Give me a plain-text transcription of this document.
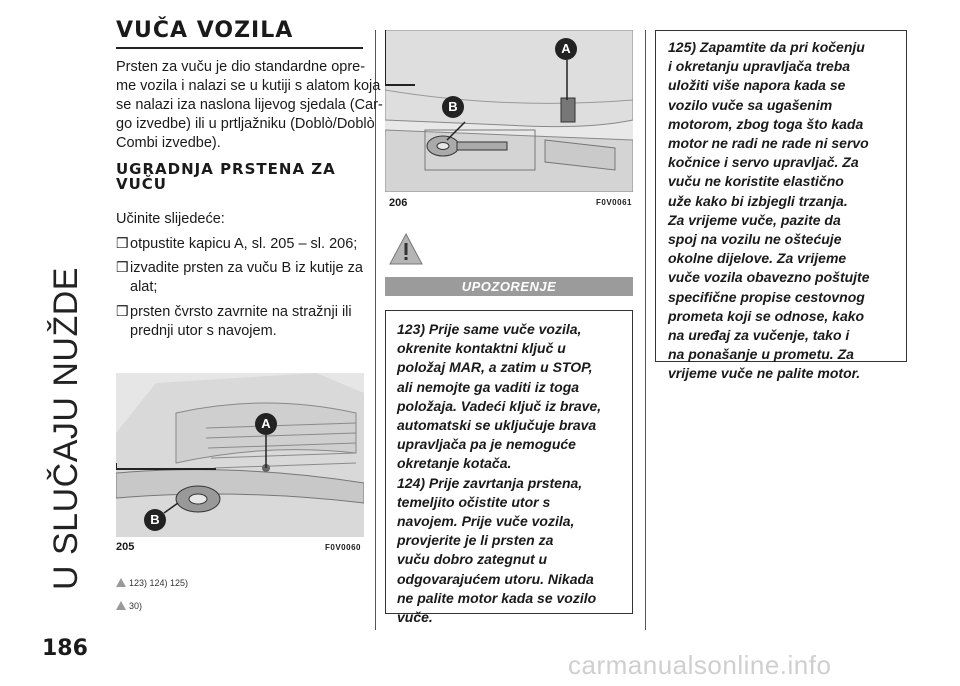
U SLUČAJU NUŽDE
VUČA VOZILA
Prsten za vuču je dio standardne opre-
me vozila i nalazi se u kutiji s alatom koja
se nalazi iza naslona lijevog sjedala (Car-
go izvedbe) ili u prtljažniku (Doblò/Doblò
Combi izvedbe).
UGRADNJA PRSTENA ZA
VUČU
Učinite slijedeće:
❒otpustite kapicu A, sl. 205 – sl. 206;
❒izvadite prsten za vuču B iz kutije za
alat;
❒prsten čvrsto zavrnite na stražnji ili
prednji utor s navojem.
A
B
205	F0V0060
123) 124) 125)
30)
A
B
206	F0V0061
UPOZORENJE
123) Prije same vuče vozila,
okrenite kontaktni ključ u
položaj MAR, a zatim u STOP,
ali nemojte ga vaditi iz toga
položaja. Vadeći ključ iz brave,
automatski se uključuje brava
upravljača pa je nemoguće
okretanje kotača.
124) Prije zavrtanja prstena,
temeljito očistite utor s
navojem. Prije vuče vozila,
provjerite je li prsten za
vuču dobro zategnut u
odgovarajućem utoru. Nikada
ne palite motor kada se vozilo
vuče.
125) Zapamtite da pri kočenju
i okretanju upravljača treba
uložiti više napora kada se
vozilo vuče sa ugašenim
motorom, zbog toga što kada
motor ne radi ne rade ni servo
kočnice i servo upravljač. Za
vuču ne koristite elastično
uže kako bi izbjegli trzanja.
Za vrijeme vuče, pazite da
spoj na vozilu ne oštećuje
okolne dijelove. Za vrijeme
vuče vozila obavezno poštujte
specifične propise cestovnog
prometa koji se odnose, kako
na uređaj za vučenje, tako i
na ponašanje u prometu. Za
vrijeme vuče ne palite motor.
186
carmanualsonline.info
